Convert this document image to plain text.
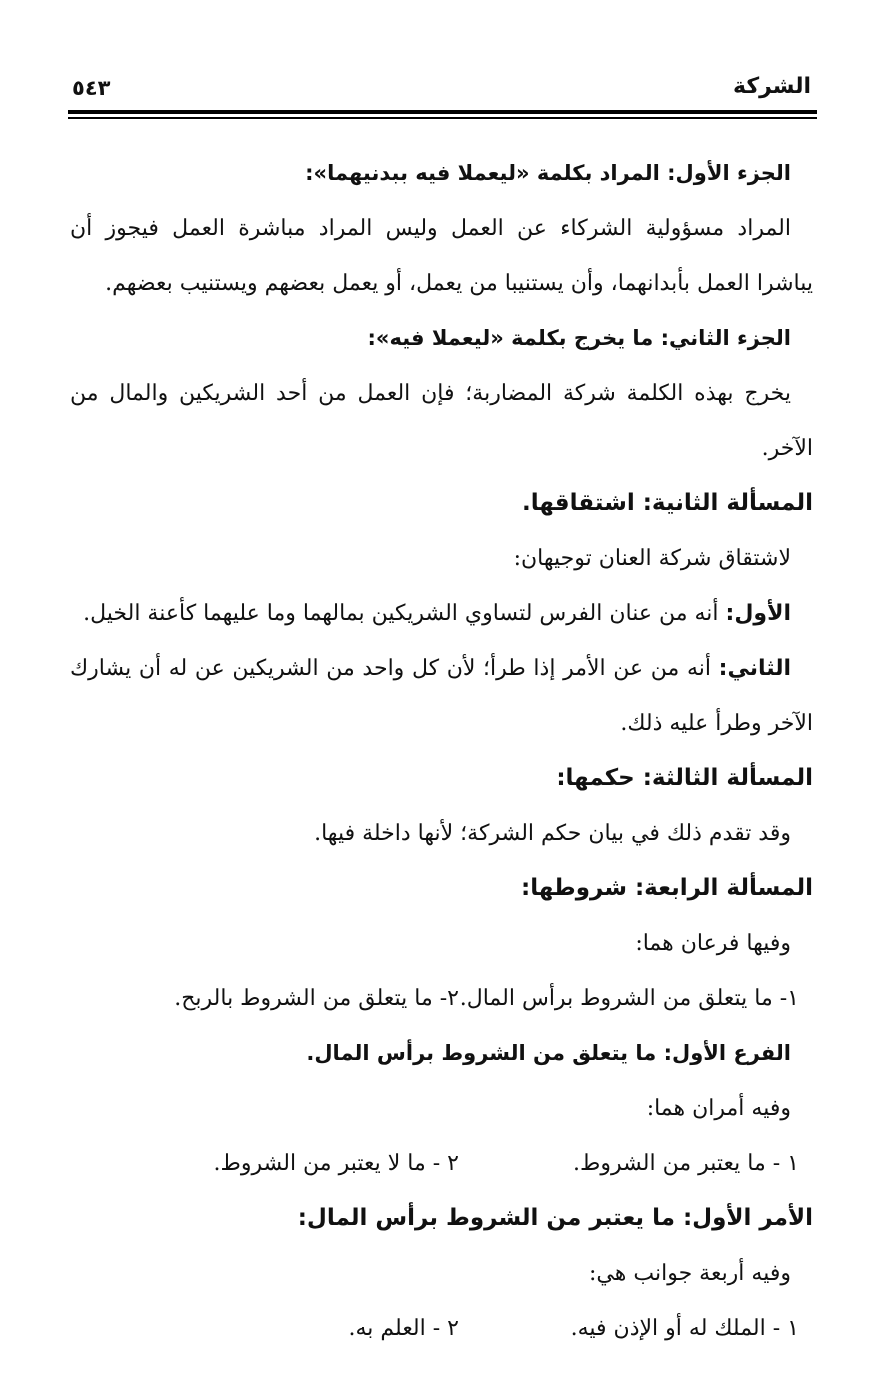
الشركة
٥٤٣

الجزء الأول: المراد بكلمة «ليعملا فيه ببدنيهما»:

المراد مسؤولية الشركاء عن العمل وليس المراد مباشرة العمل فيجوز أن يباشرا العمل بأبدانهما، وأن يستنيبا من يعمل، أو يعمل بعضهم ويستنيب بعضهم.

الجزء الثاني: ما يخرج بكلمة «ليعملا فيه»:

يخرج بهذه الكلمة شركة المضاربة؛ فإن العمل من أحد الشريكين والمال من الآخر.

المسألة الثانية: اشتقاقها.

لاشتقاق شركة العنان توجيهان:

الأول: أنه من عنان الفرس لتساوي الشريكين بمالهما وما عليهما كأعنة الخيل.

الثاني: أنه من عن الأمر إذا طرأ؛ لأن كل واحد من الشريكين عن له أن يشارك الآخر وطرأ عليه ذلك.

المسألة الثالثة: حكمها:

وقد تقدم ذلك في بيان حكم الشركة؛ لأنها داخلة فيها.

المسألة الرابعة: شروطها:

وفيها فرعان هما:

١- ما يتعلق من الشروط برأس المال.
٢- ما يتعلق من الشروط بالربح.

الفرع الأول: ما يتعلق من الشروط برأس المال.

وفيه أمران هما:

١ - ما يعتبر من الشروط.
٢ - ما لا يعتبر من الشروط.

الأمر الأول: ما يعتبر من الشروط برأس المال:

وفيه أربعة جوانب هي:

١ - الملك له أو الإذن فيه.
٢ - العلم به.
